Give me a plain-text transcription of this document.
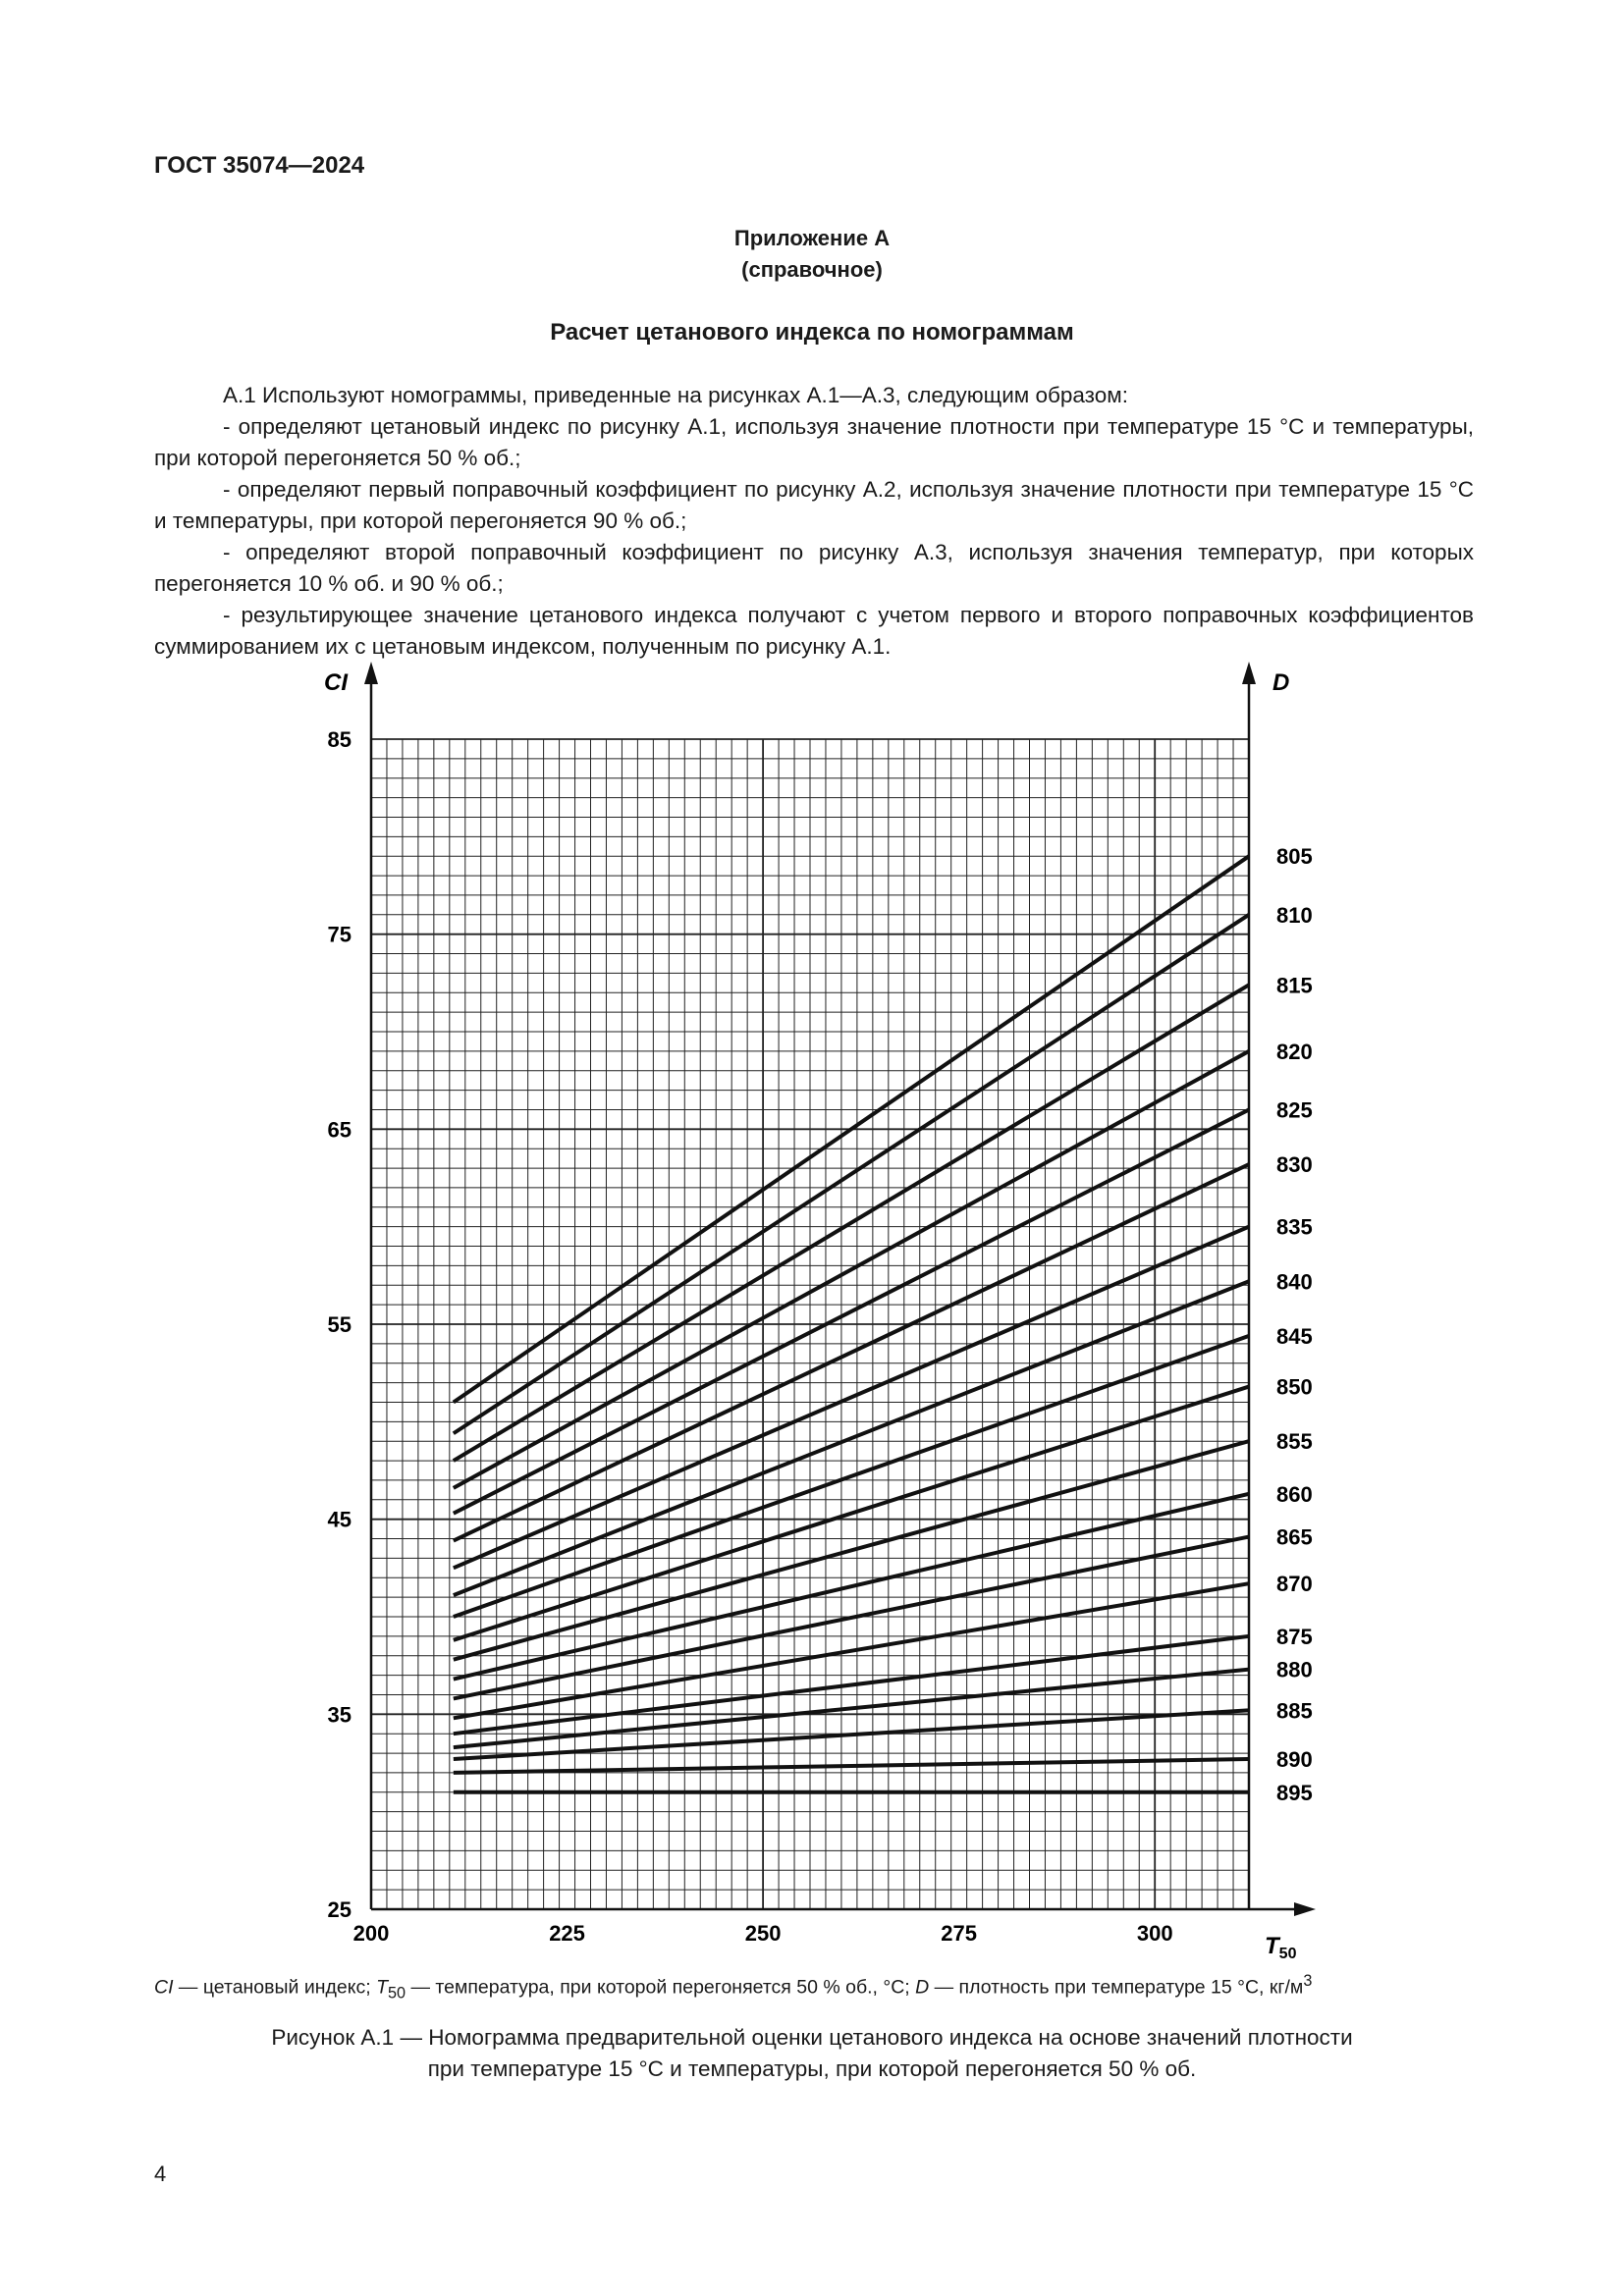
ГОСТ 35074—2024
Приложение А
(справочное)
Расчет цетанового индекса по номограммам

А.1 Используют номограммы, приведенные на рисунках А.1—А.3, следующим образом:

- определяют цетановый индекс по рисунку А.1, используя значение плотности при температуре 15 °С и температуры, при которой перегоняется 50 % об.;

- определяют первый поправочный коэффициент по рисунку А.2, используя значение плотности при температуре 15 °С и температуры, при которой перегоняется 90 % об.;

- определяют второй поправочный коэффициент по рисунку А.3, используя значения температур, при которых перегоняется 10 % об. и 90 % об.;

- результирующее значение цетанового индекса получают с учетом первого и второго поправочных коэффициентов суммированием их с цетановым индексом, полученным по рисунку А.1.

25
35
45
55
65
75
85
200	225	250	275	300
805
810
815
820
825
830
835
840
845
850
855
860
865
870
875
880
885
890
895
CI	D
$T_{50}$
CI — цетановый индекс; $T_{50}$ — температура, при которой перегоняется 50 % об., °С; D — плотность при температуре 15 °С, $кг/м^3$
Рисунок А.1 — Номограмма предварительной оценки цетанового индекса на основе значений плотности
при температуре 15 °С и температуры, при которой перегоняется 50 % об.
4
